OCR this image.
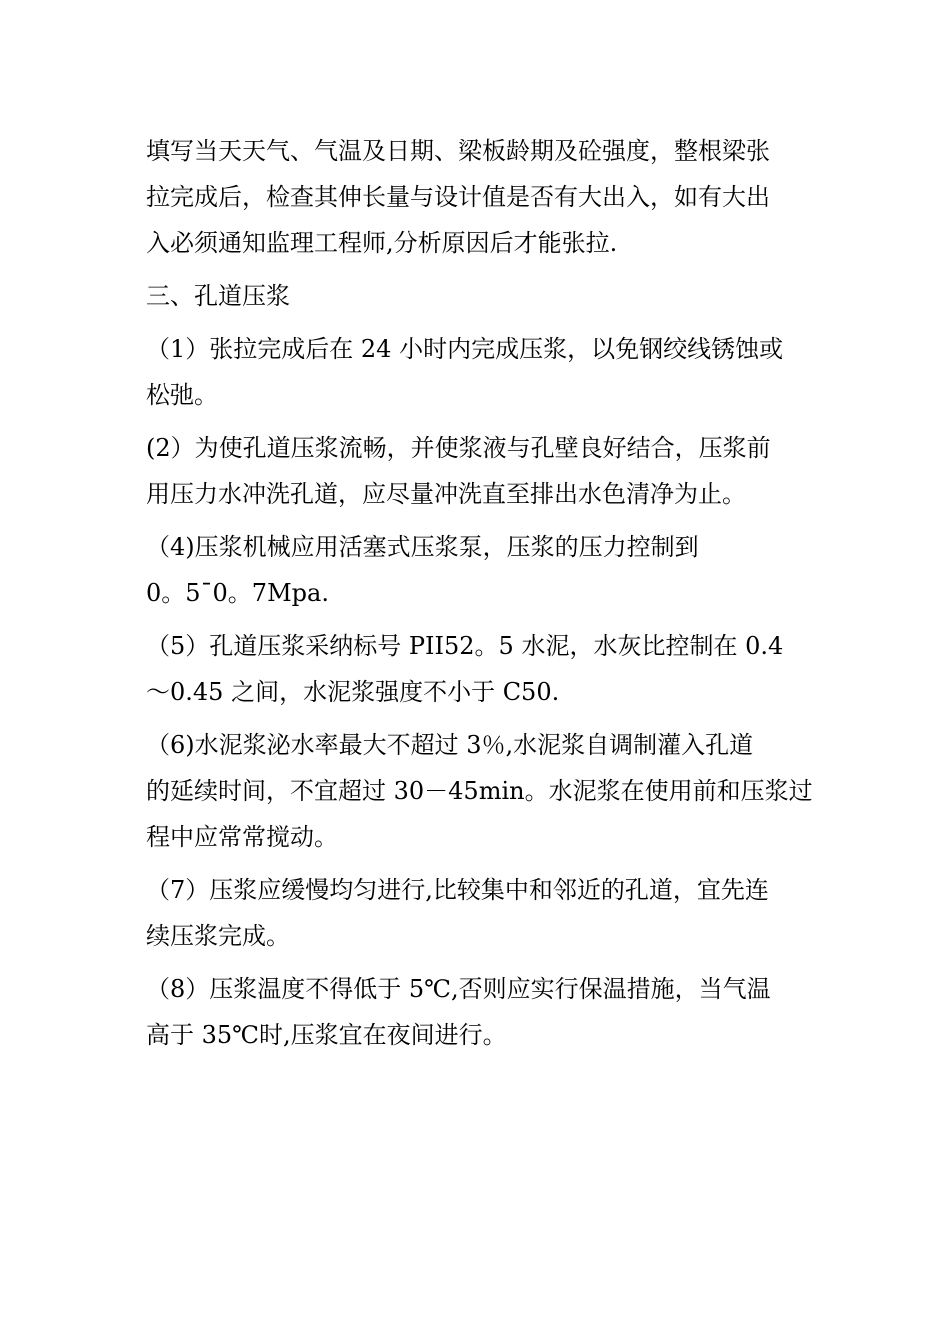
填写当天天气、气温及日期、梁板龄期及砼强度，整根梁张
拉完成后，检查其伸长量与设计值是否有大出入，如有大出
入必须通知监理工程师,分析原因后才能张拉.
三、孔道压浆
（1）张拉完成后在 24 小时内完成压浆，以免钢绞线锈蚀或
松弛。
(2）为使孔道压浆流畅，并使浆液与孔壁良好结合，压浆前
用压力水冲洗孔道，应尽量冲洗直至排出水色清净为止。
（4)压浆机械应用活塞式压浆泵，压浆的压力控制到
0。5¯0。7Mpa.
（5）孔道压浆采纳标号 PII52。5 水泥，水灰比控制在 0.4
～0.45 之间，水泥浆强度不小于 C50.
（6)水泥浆泌水率最大不超过 3％,水泥浆自调制灌入孔道
的延续时间，不宜超过 30－45min。水泥浆在使用前和压浆过
程中应常常搅动。
（7）压浆应缓慢均匀进行,比较集中和邻近的孔道，宜先连
续压浆完成。
（8）压浆温度不得低于 5℃,否则应实行保温措施，当气温
高于 35℃时,压浆宜在夜间进行。
